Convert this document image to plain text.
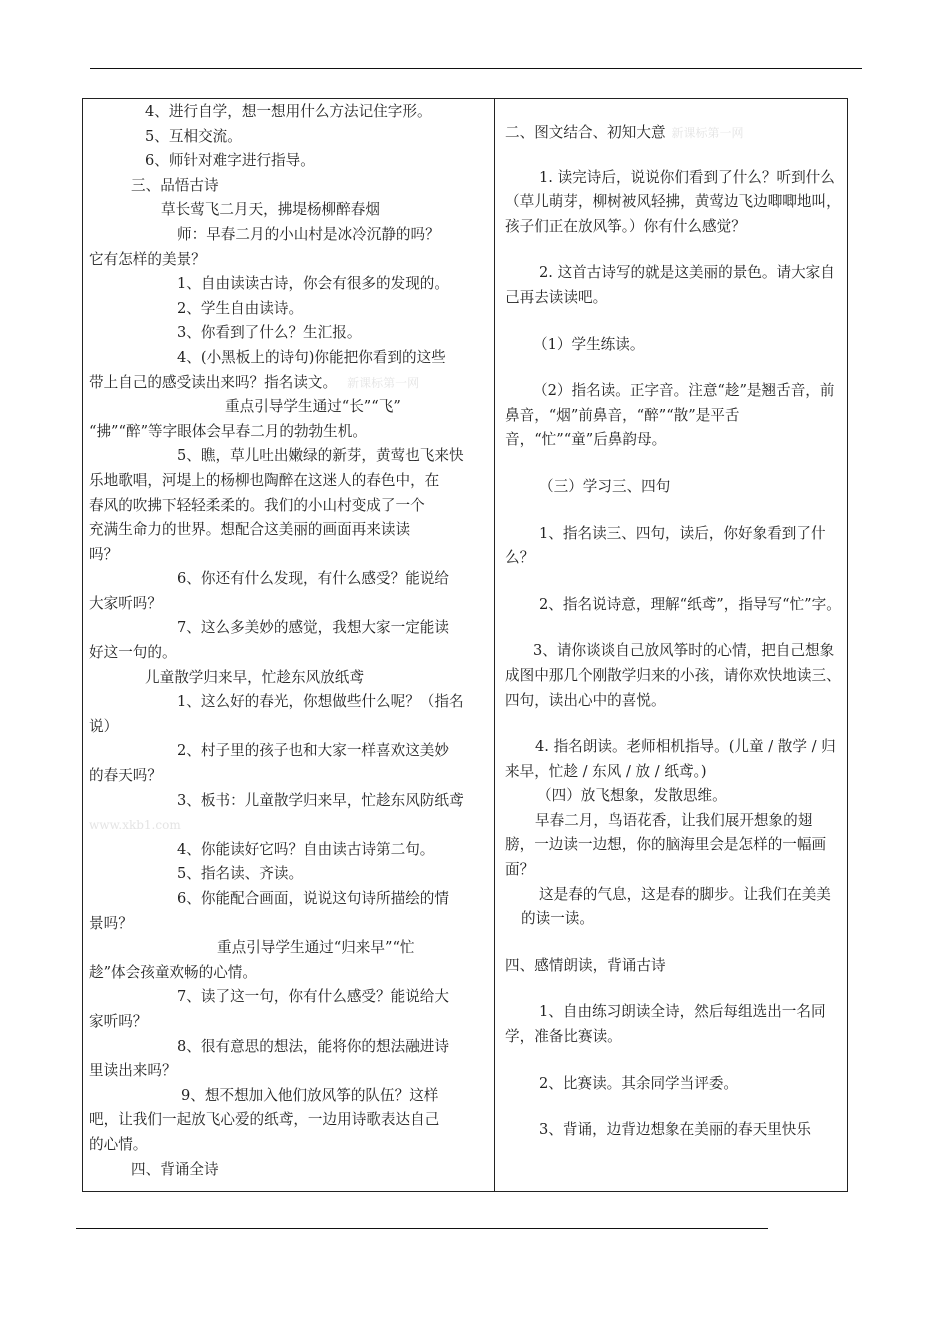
4、进行自学，想一想用什么方法记住字形。

5、互相交流。

6、师针对难字进行指导。

三、品悟古诗

草长莺飞二月天，拂堤杨柳醉春烟

师：早春二月的小山村是冰冷沉静的吗？

它有怎样的美景？

1、自由读读古诗，你会有很多的发现的。

2、学生自由读诗。

3、你看到了什么？生汇报。

4、(小黑板上的诗句)你能把你看到的这些

带上自己的感受读出来吗？指名读文。 新课标第一网

重点引导学生通过“长”“飞”

“拂”“醉”等字眼体会早春二月的勃勃生机。

5、瞧，草儿吐出嫩绿的新芽，黄莺也飞来快

乐地歌唱，河堤上的杨柳也陶醉在这迷人的春色中，在

春风的吹拂下轻轻柔柔的。我们的小山村变成了一个

充满生命力的世界。想配合这美丽的画面再来读读

吗？

6、你还有什么发现，有什么感受？能说给

大家听吗？

7、这么多美妙的感觉，我想大家一定能读

好这一句的。

儿童散学归来早，忙趁东风放纸鸢

1、这么好的春光，你想做些什么呢？（指名

说）

2、村子里的孩子也和大家一样喜欢这美妙

的春天吗？

3、板书：儿童散学归来早，忙趁东风防纸鸢

www.xkb1.com

4、你能读好它吗？自由读古诗第二句。

5、指名读、齐读。

6、你能配合画面，说说这句诗所描绘的情

景吗？

重点引导学生通过“归来早”“忙

趁”体会孩童欢畅的心情。

7、读了这一句，你有什么感受？能说给大

家听吗？

8、很有意思的想法，能将你的想法融进诗

里读出来吗？

9、想不想加入他们放风筝的队伍？这样

吧，让我们一起放飞心爱的纸鸢，一边用诗歌表达自己

的心情。

四、背诵全诗

二、图文结合、初知大意 新课标第一网

1. 读完诗后，说说你们看到了什么？听到什么（草儿萌芽，柳树被风轻拂，黄莺边飞边唧唧地叫，孩子们正在放风筝。）你有什么感觉？

2. 这首古诗写的就是这美丽的景色。请大家自己再去读读吧。

（1）学生练读。

（2）指名读。正字音。注意“趁”是翘舌音，前鼻音，“烟”前鼻音，“醉”“散”是平舌音，“忙”“童”后鼻韵母。

（三）学习三、四句

1、指名读三、四句，读后，你好象看到了什么？

2、指名说诗意，理解“纸鸢”，指导写“忙”字。

3、请你谈谈自己放风筝时的心情，把自己想象成图中那几个刚散学归来的小孩，请你欢快地读三、四句，读出心中的喜悦。

4. 指名朗读。老师相机指导。(儿童 / 散学 / 归来早，忙趁 / 东风 / 放 / 纸鸢。)

（四）放飞想象，发散思维。

早春二月，鸟语花香，让我们展开想象的翅膀，一边读一边想，你的脑海里会是怎样的一幅画面？

这是春的气息，这是春的脚步。让我们在美美的读一读。

四、感情朗读，背诵古诗

1、自由练习朗读全诗，然后每组选出一名同学，准备比赛读。

2、比赛读。其余同学当评委。

3、背诵，边背边想象在美丽的春天里快乐
